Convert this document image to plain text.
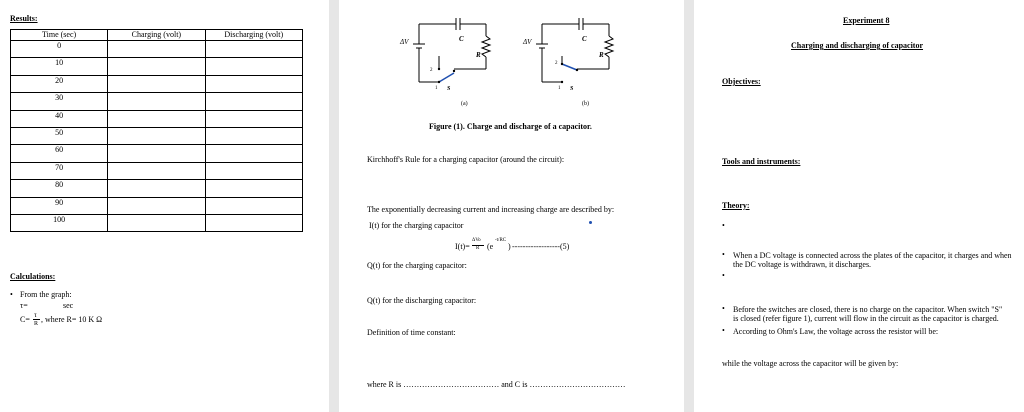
Results:
Time (sec)	Charging (volt)	Discharging (volt)
0		
10		
20		
30		
40		
50		
60		
70		
80		
90		
100		
Calculations:
• From the graph:
τ=	sec
C= τ
R , where R= 10 K Ω
ΔV	C
R
S
2
1
(a)
ΔV	C
R
S
2
1
(b)
Figure (1). Charge and discharge of a capacitor.
Kirchhoff's Rule for a charging capacitor (around the circuit):
The exponentially decreasing current and increasing charge are described by:
I(t) for the charging capacitor
I(t)=
ΔVo
R (e
-t/RC
) ------------------(5)
Q(t) for the charging capacitor:
Q(t) for the discharging capacitor:
Definition of time constant:
where R is ……………………………… and C is ………………………………
Experiment 8
Charging and discharging of capacitor
Objectives:
Tools and instruments:
Theory:
•
• When a DC voltage is connected across the plates of the capacitor, it charges and when
the DC voltage is withdrawn, it discharges.
•
• Before the switches are closed, there is no charge on the capacitor. When switch "S"
is closed (refer figure 1), current will flow in the circuit as the capacitor is charged.
• According to Ohm's Law, the voltage across the resistor will be:
while the voltage across the capacitor will be given by:
